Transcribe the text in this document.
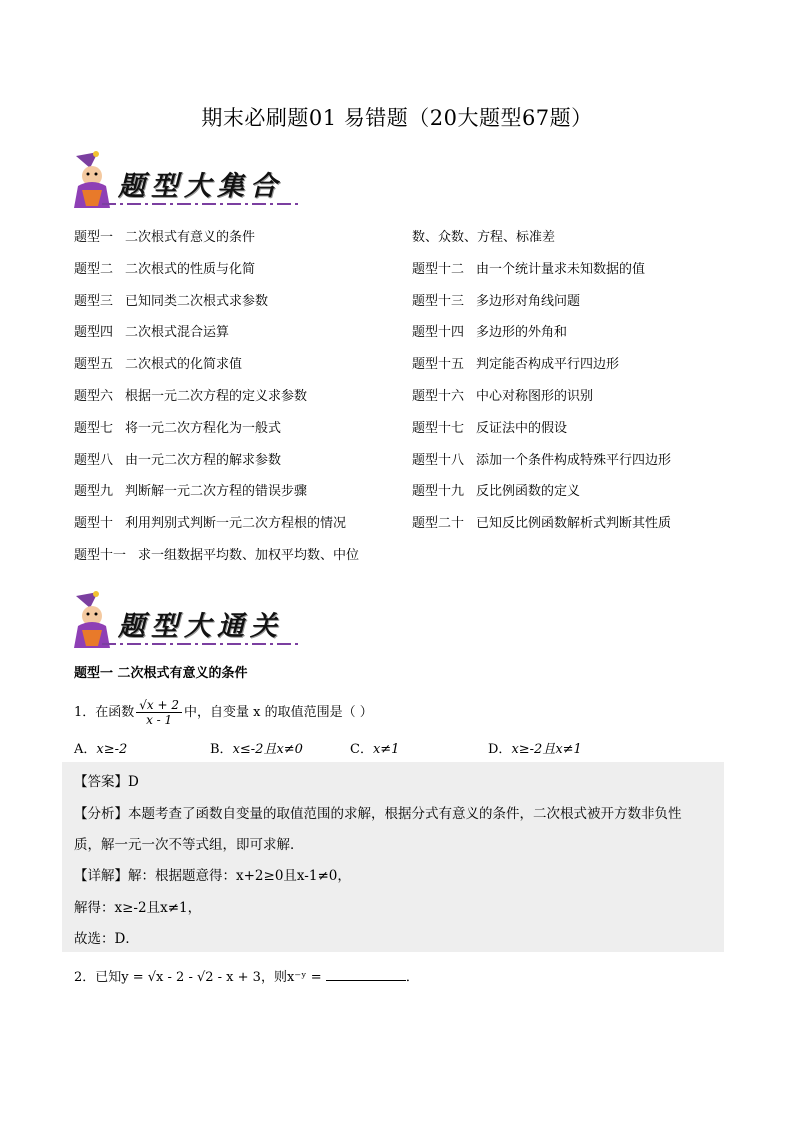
期末必刷题01 易错题（20大题型67题）
题型大集合
题型一 二次根式有意义的条件
题型二 二次根式的性质与化简
题型三 已知同类二次根式求参数
题型四 二次根式混合运算
题型五 二次根式的化简求值
题型六 根据一元二次方程的定义求参数
题型七 将一元二次方程化为一般式
题型八 由一元二次方程的解求参数
题型九 判断解一元二次方程的错误步骤
题型十 利用判别式判断一元二次方程根的情况
题型十一 求一组数据平均数、加权平均数、中位
数、众数、方程、标准差
题型十二 由一个统计量求未知数据的值
题型十三 多边形对角线问题
题型十四 多边形的外角和
题型十五 判定能否构成平行四边形
题型十六 中心对称图形的识别
题型十七 反证法中的假设
题型十八 添加一个条件构成特殊平行四边形
题型十九 反比例函数的定义
题型二十 已知反比例函数解析式判断其性质
题型大通关
题型一 二次根式有意义的条件
1．在函数 $\frac{√x + 2}{x - 1}$ 中，自变量 x 的取值范围是（ ）
A．x≥-2	B．x≤-2且x≠0	C．x≠1	D．x≥-2且x≠1
【答案】D
【分析】本题考查了函数自变量的取值范围的求解，根据分式有意义的条件，二次根式被开方数非负性
质，解一元一次不等式组，即可求解．
【详解】解：根据题意得：x+2≥0且x-1≠0，
解得：x≥-2且x≠1，
故选：D．
2．已知y = √x - 2 - √2 - x + 3，则x⁻ʸ =	．
